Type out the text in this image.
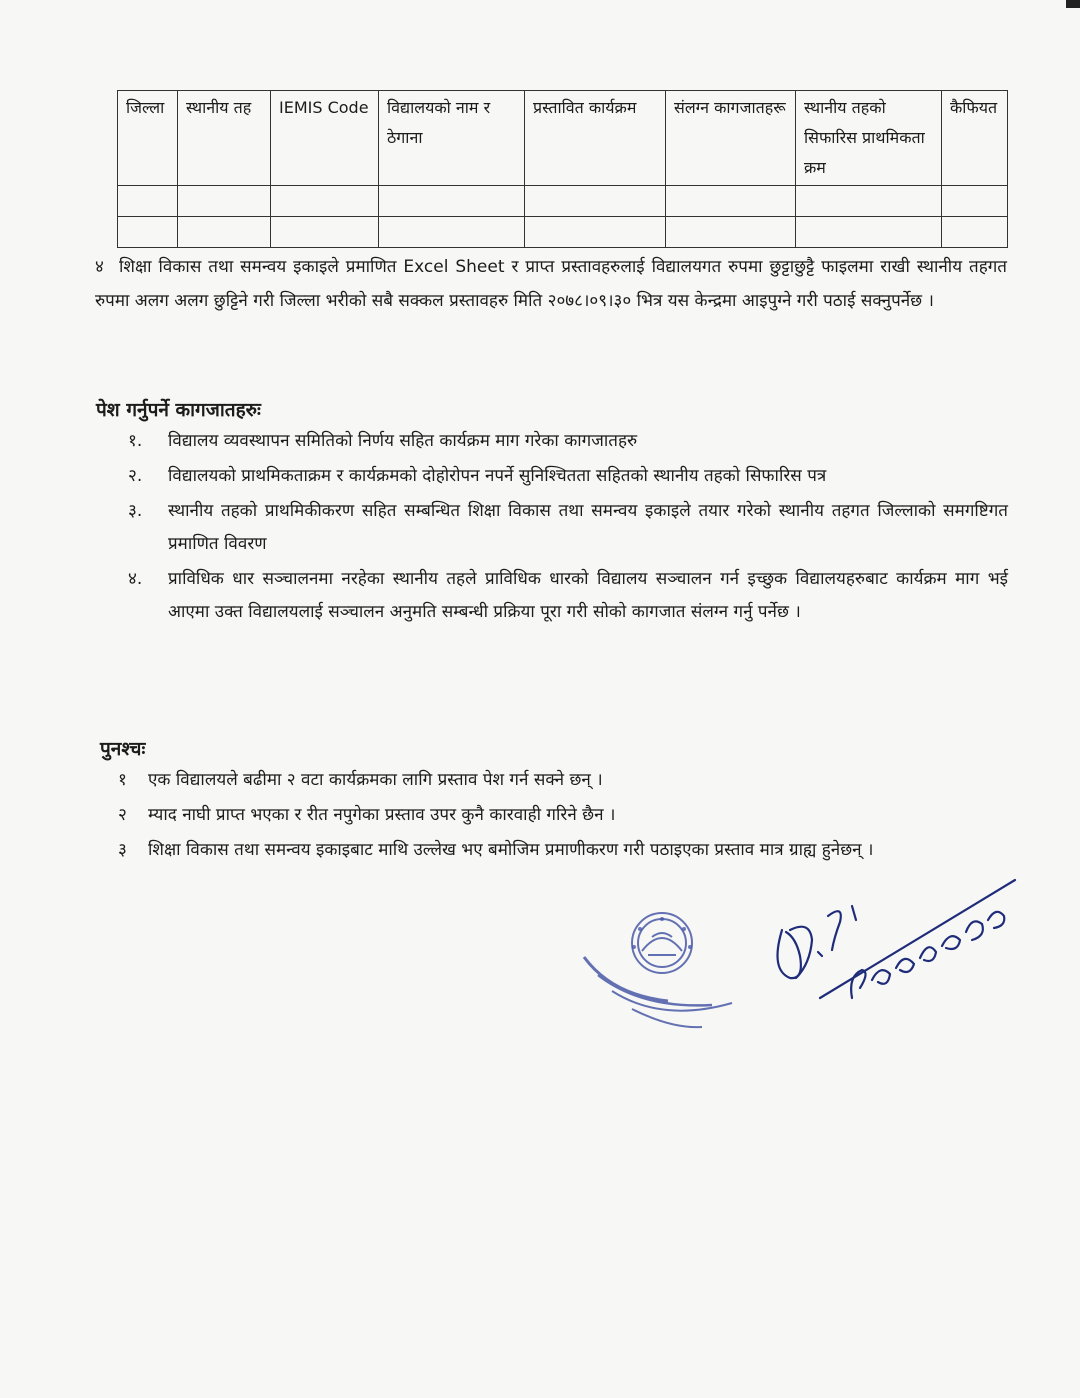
जिल्ला	स्थानीय तह	IEMIS Code	विद्यालयको नाम र ठेगाना	प्रस्तावित कार्यक्रम	संलग्न कागजातहरू	स्थानीय तहको सिफारिस प्राथमिकता क्रम	कैफियत

४ शिक्षा विकास तथा समन्वय इकाइले प्रमाणित Excel Sheet र प्राप्त प्रस्तावहरुलाई विद्यालयगत रुपमा छुट्टाछुट्टै फाइलमा राखी स्थानीय तहगत रुपमा अलग अलग छुट्टिने गरी जिल्ला भरीको सबै सक्कल प्रस्तावहरु मिति २०७८।०९।३० भित्र यस केन्द्रमा आइपुग्ने गरी पठाई सक्नुपर्नेछ ।
पेश गर्नुपर्ने कागजातहरुः
१. विद्यालय व्यवस्थापन समितिको निर्णय सहित कार्यक्रम माग गरेका कागजातहरु
२. विद्यालयको प्राथमिकताक्रम र कार्यक्रमको दोहोरोपन नपर्ने सुनिश्चितता सहितको स्थानीय तहको सिफारिस पत्र
३. स्थानीय तहको प्राथमिकीकरण सहित सम्बन्धित शिक्षा विकास तथा समन्वय इकाइले तयार गरेको स्थानीय तहगत जिल्लाको समगष्टिगत प्रमाणित विवरण
४. प्राविधिक धार सञ्चालनमा नरहेका स्थानीय तहले प्राविधिक धारको विद्यालय सञ्चालन गर्न इच्छुक विद्यालयहरुबाट कार्यक्रम माग भई आएमा उक्त विद्यालयलाई सञ्चालन अनुमति सम्बन्धी प्रक्रिया पूरा गरी सोको कागजात संलग्न गर्नु पर्नेछ ।
पुनश्चः
१ एक विद्यालयले बढीमा २ वटा कार्यक्रमका लागि प्रस्ताव पेश गर्न सक्ने छन् ।
२ म्याद नाघी प्राप्त भएका र रीत नपुगेका प्रस्ताव उपर कुनै कारवाही गरिने छैन ।
३ शिक्षा विकास तथा समन्वय इकाइबाट माथि उल्लेख भए बमोजिम प्रमाणीकरण गरी पठाइएका प्रस्ताव मात्र ग्राह्य हुनेछन् ।
